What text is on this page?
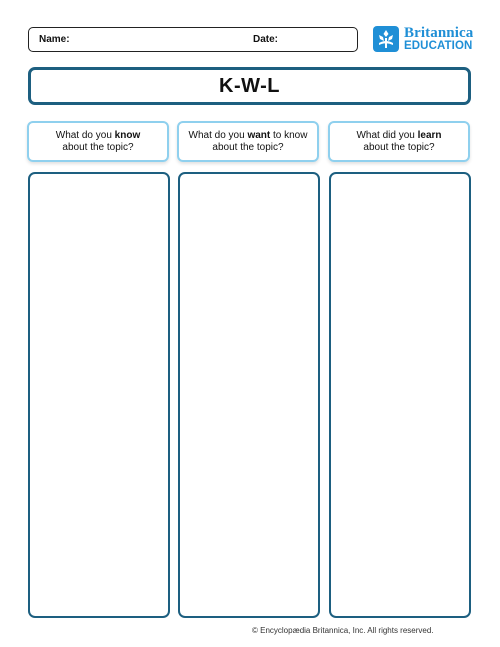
Name:	Date:	Britannica
EDUCATION
K-W-L
What do you know
about the topic?
What do you want to know
about the topic?
What did you learn
about the topic?
© Encyclopædia Britannica, Inc. All rights reserved.
